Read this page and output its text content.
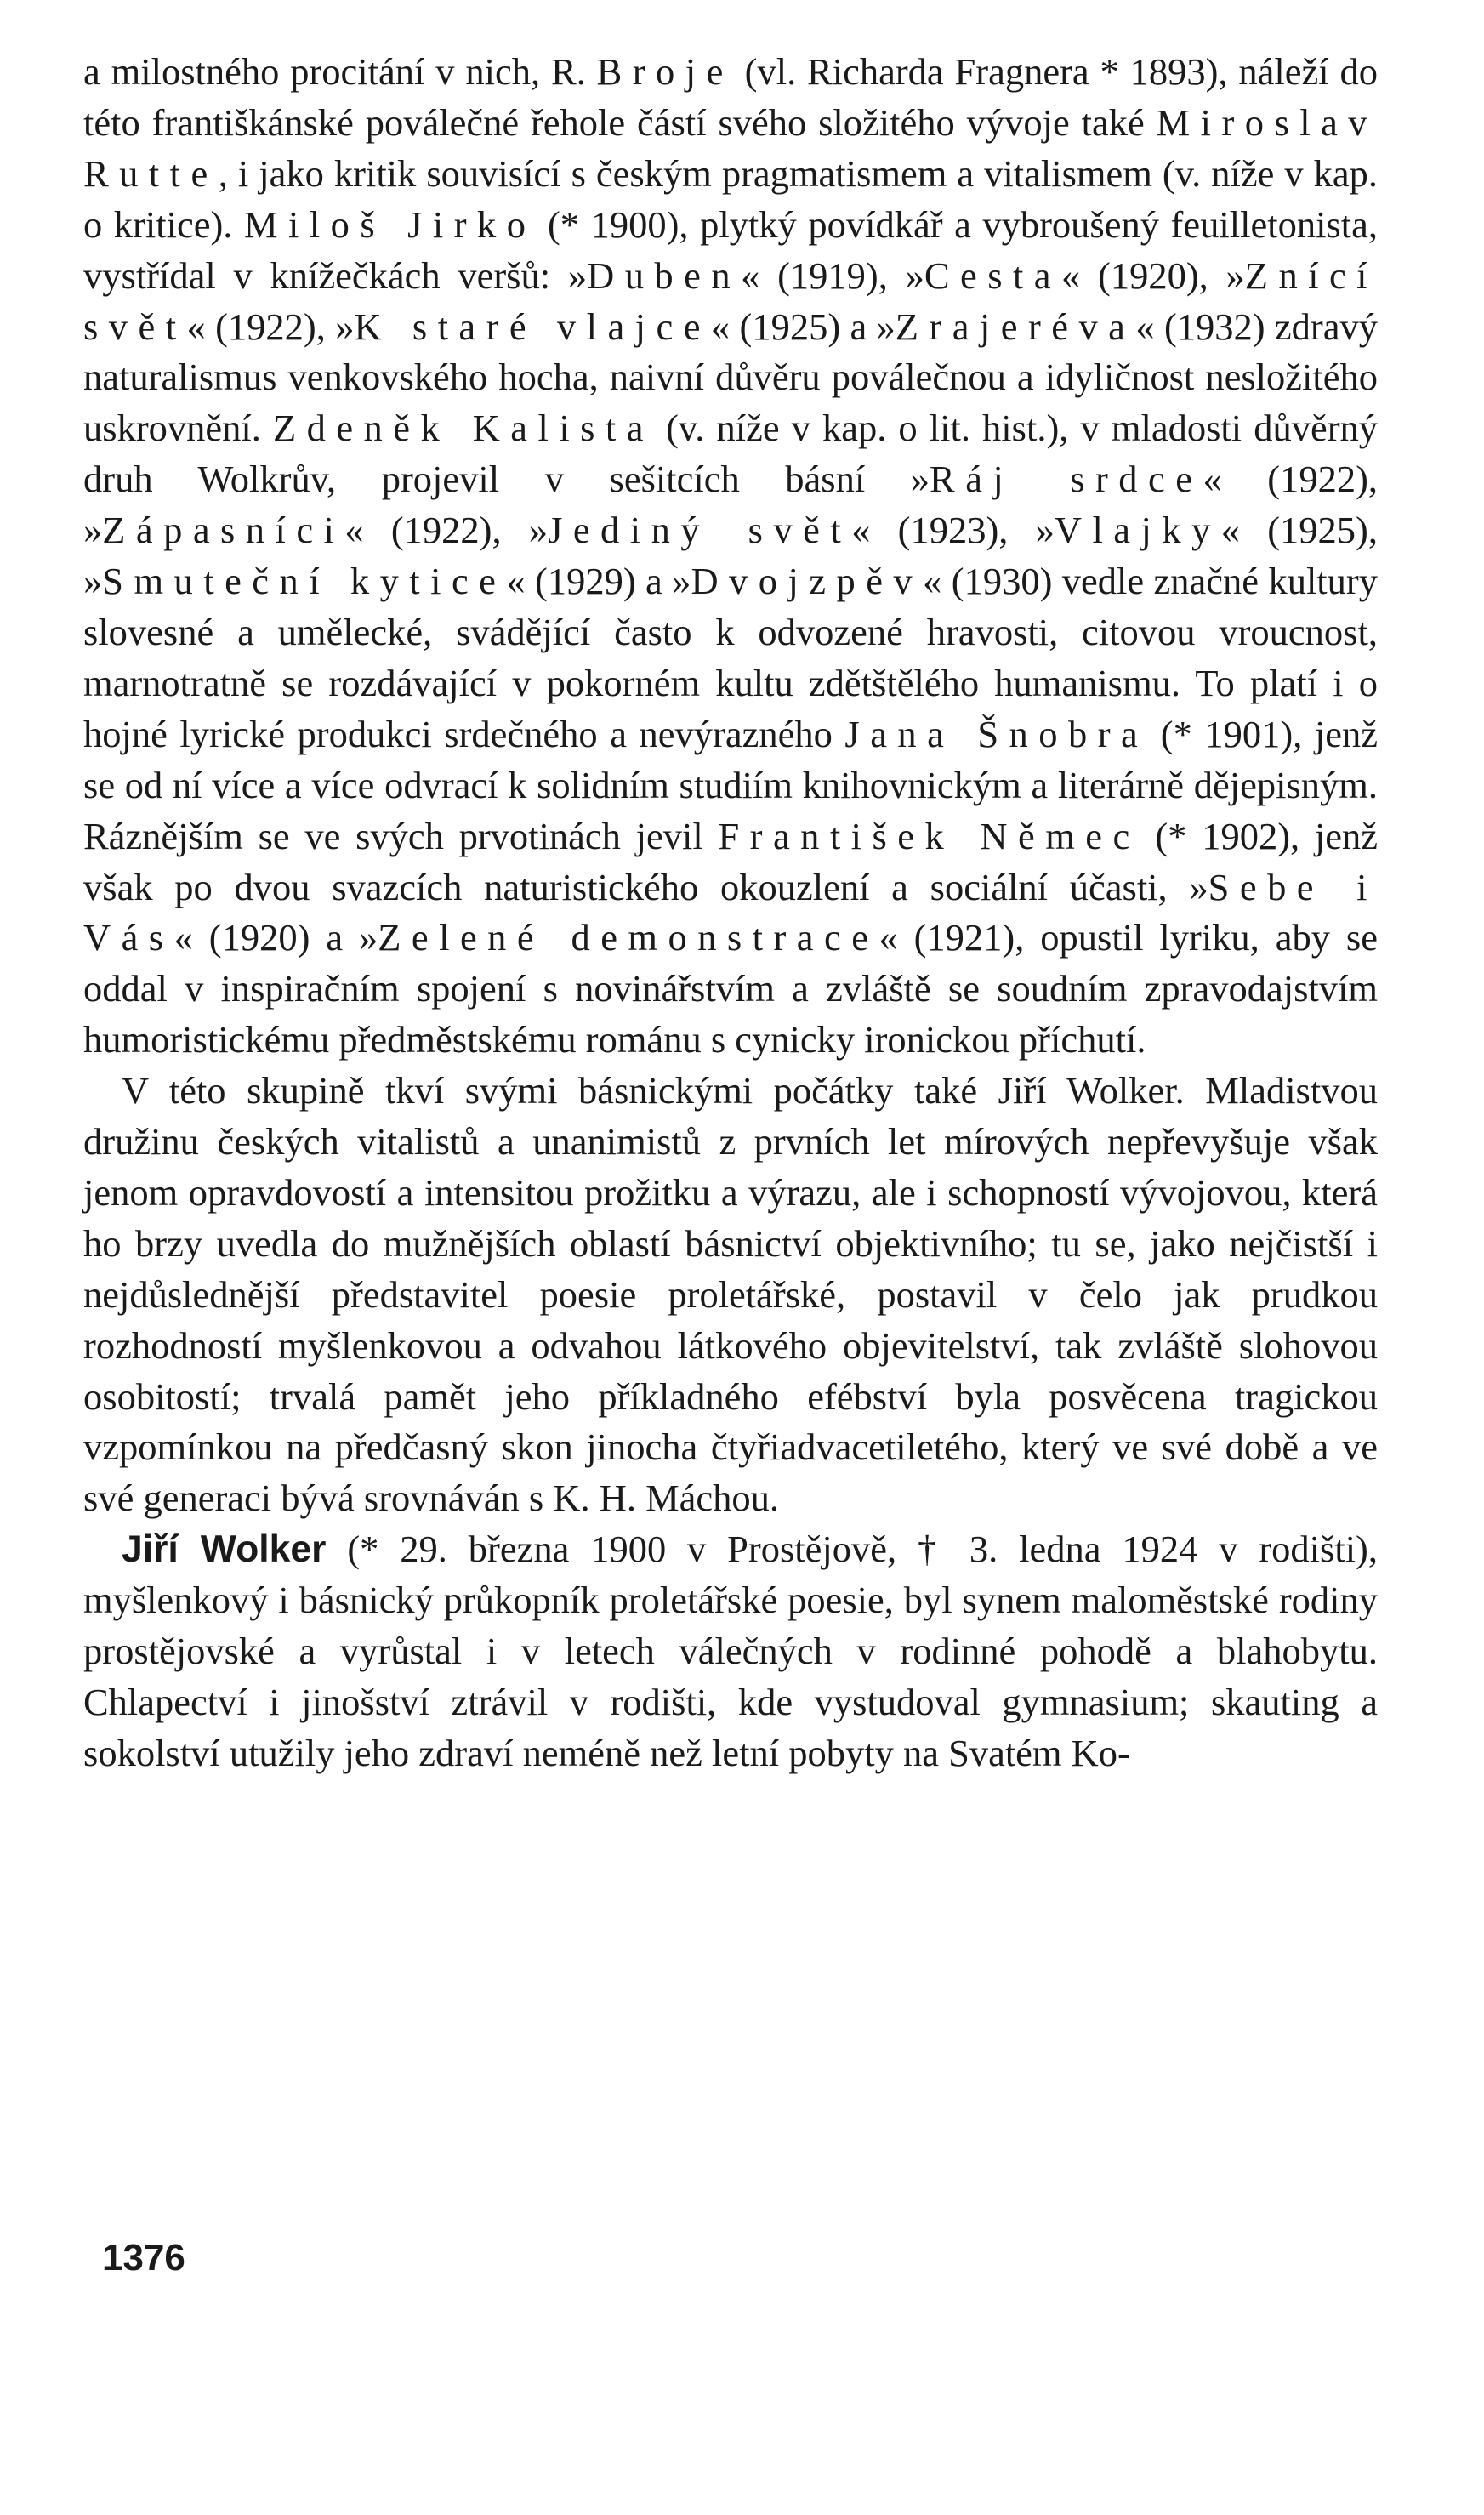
a milostného procitání v nich, R. Broje (vl. Richarda Fragnera * 1893), náleží do této františkánské poválečné řehole částí svého složitého vývoje také Miroslav Rutte, i jako kritik souvisící s českým pragmatismem a vitalismem (v. níže v kap. o kritice). Miloš Jirko (* 1900), plytký povídkář a vybroušený feuilletonista, vystřídal v knížečkách veršů: »Duben« (1919), »Cesta« (1920), »Znící svět« (1922), »K staré vlajce« (1925) a »Zrajeréva« (1932) zdravý naturalismus venkovského hocha, naivní důvěru poválečnou a idyličnost nesložitého uskrovnění. Zdeněk Kalista (v. níže v kap. o lit. hist.), v mladosti důvěrný druh Wolkrův, projevil v sešitcích básní »Ráj srdce« (1922), »Zápasníci« (1922), »Jediný svět« (1923), »Vlajky« (1925), »Smuteční kytice« (1929) a »Dvojzpěv« (1930) vedle značné kultury slovesné a umělecké, svádějící často k odvozené hravosti, citovou vroucnost, marnotratně se rozdávající v pokorném kultu zdětštělého humanismu. To platí i o hojné lyrické produkci srdečného a nevýrazného Jana Šnobra (* 1901), jenž se od ní více a více odvrací k solidním studiím knihovnickým a literárně dějepisným. Ráznějším se ve svých prvotinách jevil František Němec (* 1902), jenž však po dvou svazcích naturistického okouzlení a sociální účasti, »Sebe i Vás« (1920) a »Zelené demonstrace« (1921), opustil lyriku, aby se oddal v inspiračním spojení s novinářstvím a zvláště se soudním zpravodajstvím humoristickému předměstskému románu s cynicky ironickou příchutí.

V této skupině tkví svými básnickými počátky také Jiří Wolker. Mladistvou družinu českých vitalistů a unanimistů z prvních let mírových nepřevyšuje však jenom opravdovostí a intensitou prožitku a výrazu, ale i schopností vývojovou, která ho brzy uvedla do mužnějších oblastí básnictví objektivního; tu se, jako nejčistší i nejdůslednější představitel poesie proletářské, postavil v čelo jak prudkou rozhodností myšlenkovou a odvahou látkového objevitelství, tak zvláště slohovou osobitostí; trvalá pamět jeho příkladného efébství byla posvěcena tragickou vzpomínkou na předčasný skon jinocha čtyřiadvacetiletého, který ve své době a ve své generaci bývá srovnáván s K. H. Máchou.

Jiří Wolker (* 29. března 1900 v Prostějově, † 3. ledna 1924 v rodišti), myšlenkový i básnický průkopník proletářské poesie, byl synem maloměstské rodiny prostějovské a vyrůstal i v letech válečných v rodinné pohodě a blahobytu. Chlapectví i jinošství ztrávil v rodišti, kde vystudoval gymnasium; skauting a sokolství utužily jeho zdraví neméně než letní pobyty na Svatém Ko-

1376
